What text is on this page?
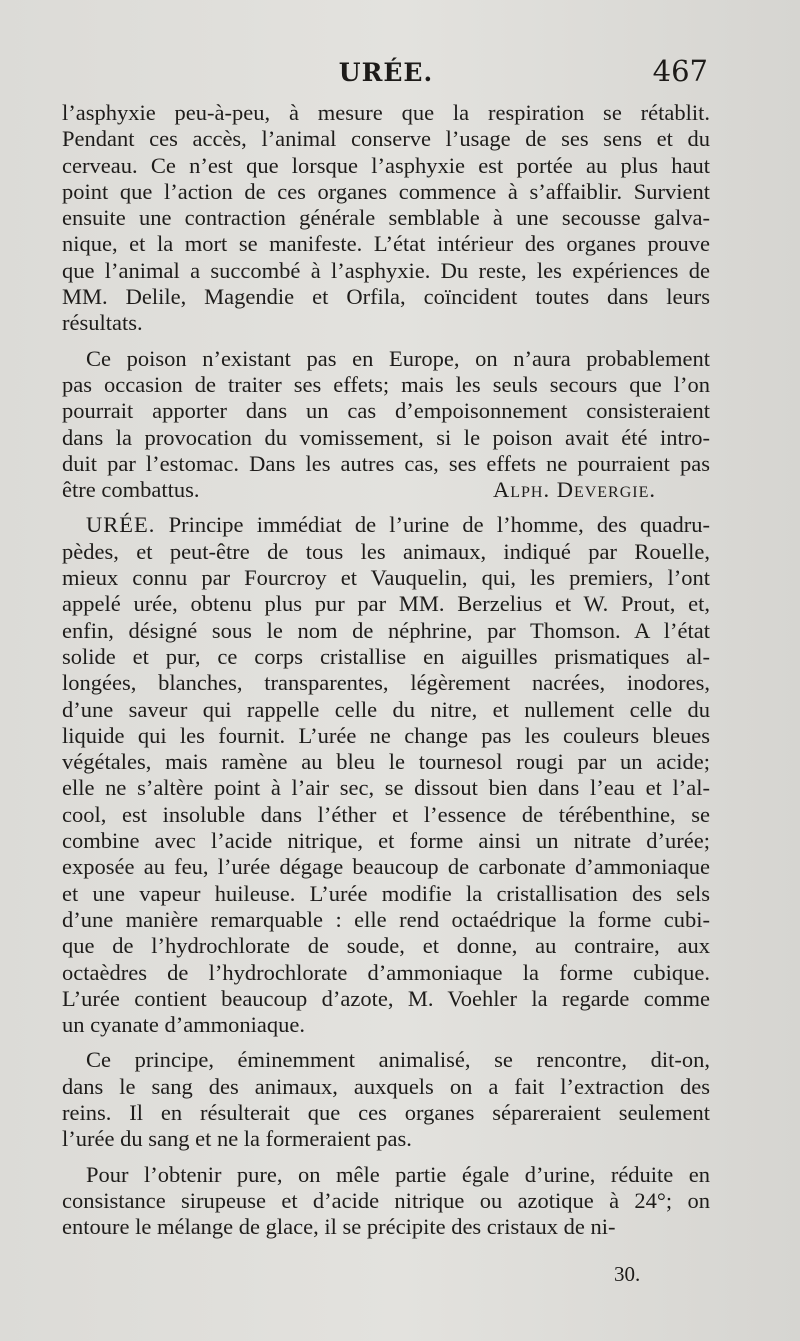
URÉE.	467
l’asphyxie peu-à-peu, à mesure que la respiration se rétablit.
Pendant ces accès, l’animal conserve l’usage de ses sens et du
cerveau. Ce n’est que lorsque l’asphyxie est portée au plus haut
point que l’action de ces organes commence à s’affaiblir. Survient
ensuite une contraction générale semblable à une secousse galva-
nique, et la mort se manifeste. L’état intérieur des organes prouve
que l’animal a succombé à l’asphyxie. Du reste, les expériences de
MM. Delile, Magendie et Orfila, coïncident toutes dans leurs
résultats.
Ce poison n’existant pas en Europe, on n’aura probablement
pas occasion de traiter ses effets; mais les seuls secours que l’on
pourrait apporter dans un cas d’empoisonnement consisteraient
dans la provocation du vomissement, si le poison avait été intro-
duit par l’estomac. Dans les autres cas, ses effets ne pourraient pas
être combattus.	Alph. Devergie.
URÉE. Principe immédiat de l’urine de l’homme, des quadru-
pèdes, et peut-être de tous les animaux, indiqué par Rouelle,
mieux connu par Fourcroy et Vauquelin, qui, les premiers, l’ont
appelé urée, obtenu plus pur par MM. Berzelius et W. Prout, et,
enfin, désigné sous le nom de néphrine, par Thomson. A l’état
solide et pur, ce corps cristallise en aiguilles prismatiques al-
longées, blanches, transparentes, légèrement nacrées, inodores,
d’une saveur qui rappelle celle du nitre, et nullement celle du
liquide qui les fournit. L’urée ne change pas les couleurs bleues
végétales, mais ramène au bleu le tournesol rougi par un acide;
elle ne s’altère point à l’air sec, se dissout bien dans l’eau et l’al-
cool, est insoluble dans l’éther et l’essence de térébenthine, se
combine avec l’acide nitrique, et forme ainsi un nitrate d’urée;
exposée au feu, l’urée dégage beaucoup de carbonate d’ammoniaque
et une vapeur huileuse. L’urée modifie la cristallisation des sels
d’une manière remarquable : elle rend octaédrique la forme cubi-
que de l’hydrochlorate de soude, et donne, au contraire, aux
octaèdres de l’hydrochlorate d’ammoniaque la forme cubique.
L’urée contient beaucoup d’azote, M. Voehler la regarde comme
un cyanate d’ammoniaque.
Ce principe, éminemment animalisé, se rencontre, dit-on,
dans le sang des animaux, auxquels on a fait l’extraction des
reins. Il en résulterait que ces organes sépareraient seulement
l’urée du sang et ne la formeraient pas.
Pour l’obtenir pure, on mêle partie égale d’urine, réduite en
consistance sirupeuse et d’acide nitrique ou azotique à 24°; on
entoure le mélange de glace, il se précipite des cristaux de ni-
30.
